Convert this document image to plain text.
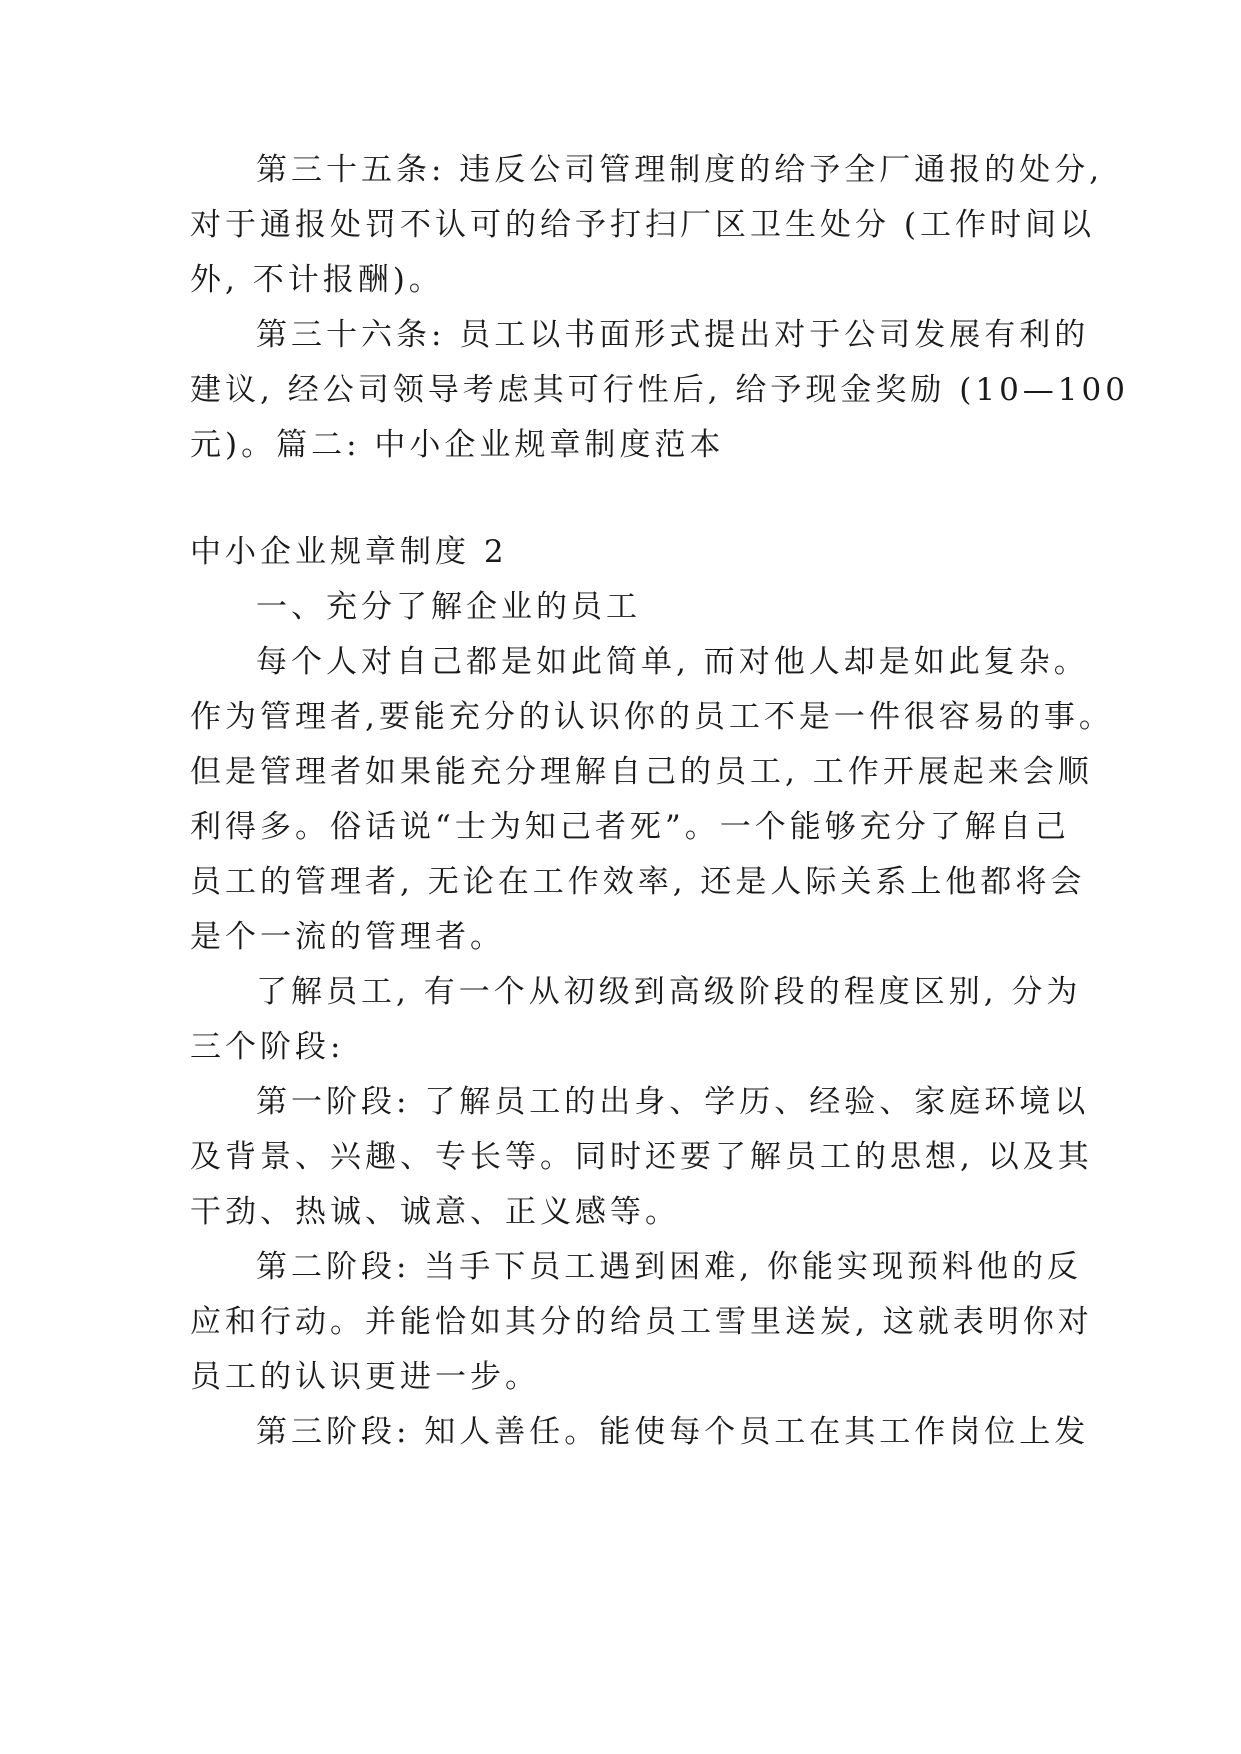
第三十五条: 违反公司管理制度的给予全厂通报的处分,
对于通报处罚不认可的给予打扫厂区卫生处分 (工作时间以
外, 不计报酬)。
第三十六条: 员工以书面形式提出对于公司发展有利的
建议, 经公司领导考虑其可行性后, 给予现金奖励 (10—100
元)。篇二: 中小企业规章制度范本
中小企业规章制度 2
一、充分了解企业的员工
每个人对自己都是如此简单, 而对他人却是如此复杂。
作为管理者,要能充分的认识你的员工不是一件很容易的事。
但是管理者如果能充分理解自己的员工, 工作开展起来会顺
利得多。俗话说“士为知己者死”。一个能够充分了解自己
员工的管理者, 无论在工作效率, 还是人际关系上他都将会
是个一流的管理者。
了解员工, 有一个从初级到高级阶段的程度区别, 分为
三个阶段:
第一阶段: 了解员工的出身、学历、经验、家庭环境以
及背景、兴趣、专长等。同时还要了解员工的思想, 以及其
干劲、热诚、诚意、正义感等。
第二阶段: 当手下员工遇到困难, 你能实现预料他的反
应和行动。并能恰如其分的给员工雪里送炭, 这就表明你对
员工的认识更进一步。
第三阶段: 知人善任。能使每个员工在其工作岗位上发
